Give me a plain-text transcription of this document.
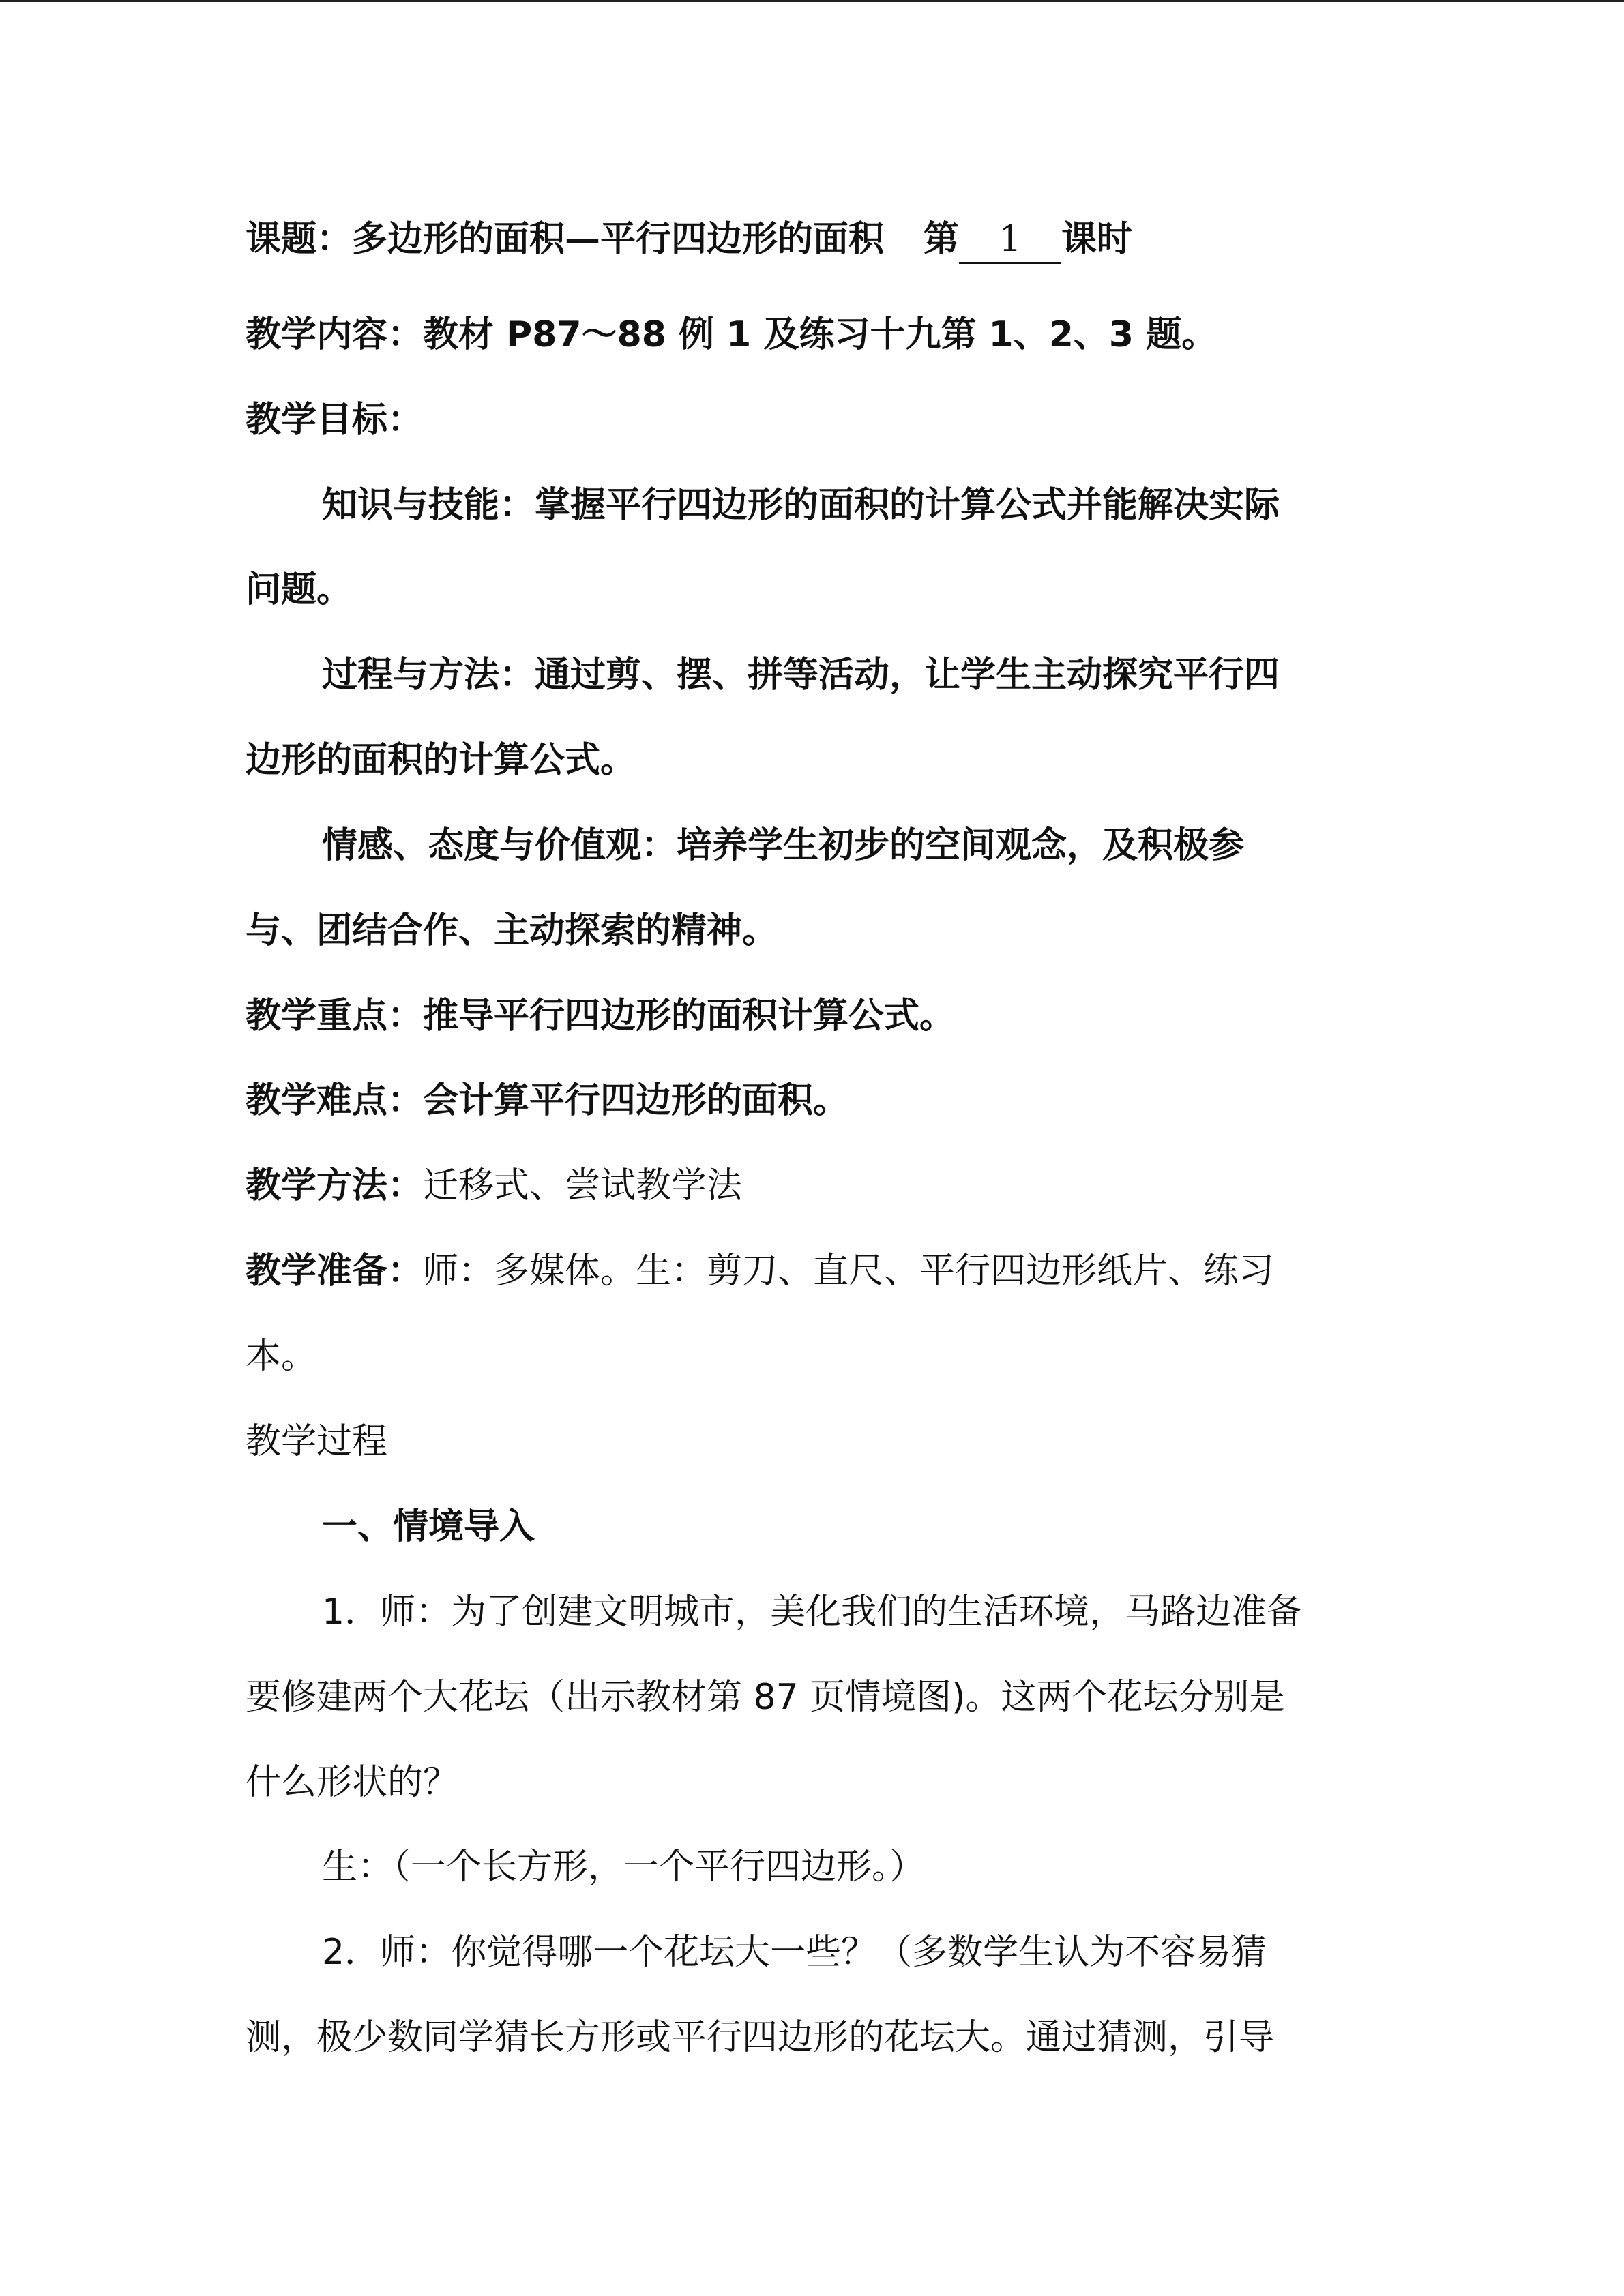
课题：多边形的面积—平行四边形的面积 第 1 课时
教学内容：教材 P87～88 例 1 及练习十九第 1、2、3 题。
教学目标：
知识与技能：掌握平行四边形的面积的计算公式并能解决实际
问题。
过程与方法：通过剪、摆、拼等活动，让学生主动探究平行四
边形的面积的计算公式。
情感、态度与价值观：培养学生初步的空间观念，及积极参
与、团结合作、主动探索的精神。
教学重点：推导平行四边形的面积计算公式。
教学难点：会计算平行四边形的面积。
教学方法：迁移式、尝试教学法
教学准备：师：多媒体。生：剪刀、直尺、平行四边形纸片、练习
本。
教学过程
一、情境导入
1．师：为了创建文明城市，美化我们的生活环境，马路边准备
要修建两个大花坛（出示教材第 87 页情境图)。这两个花坛分别是
什么形状的？
生：（一个长方形，一个平行四边形。）
2．师：你觉得哪一个花坛大一些？（多数学生认为不容易猜
测，极少数同学猜长方形或平行四边形的花坛大。通过猜测，引导
